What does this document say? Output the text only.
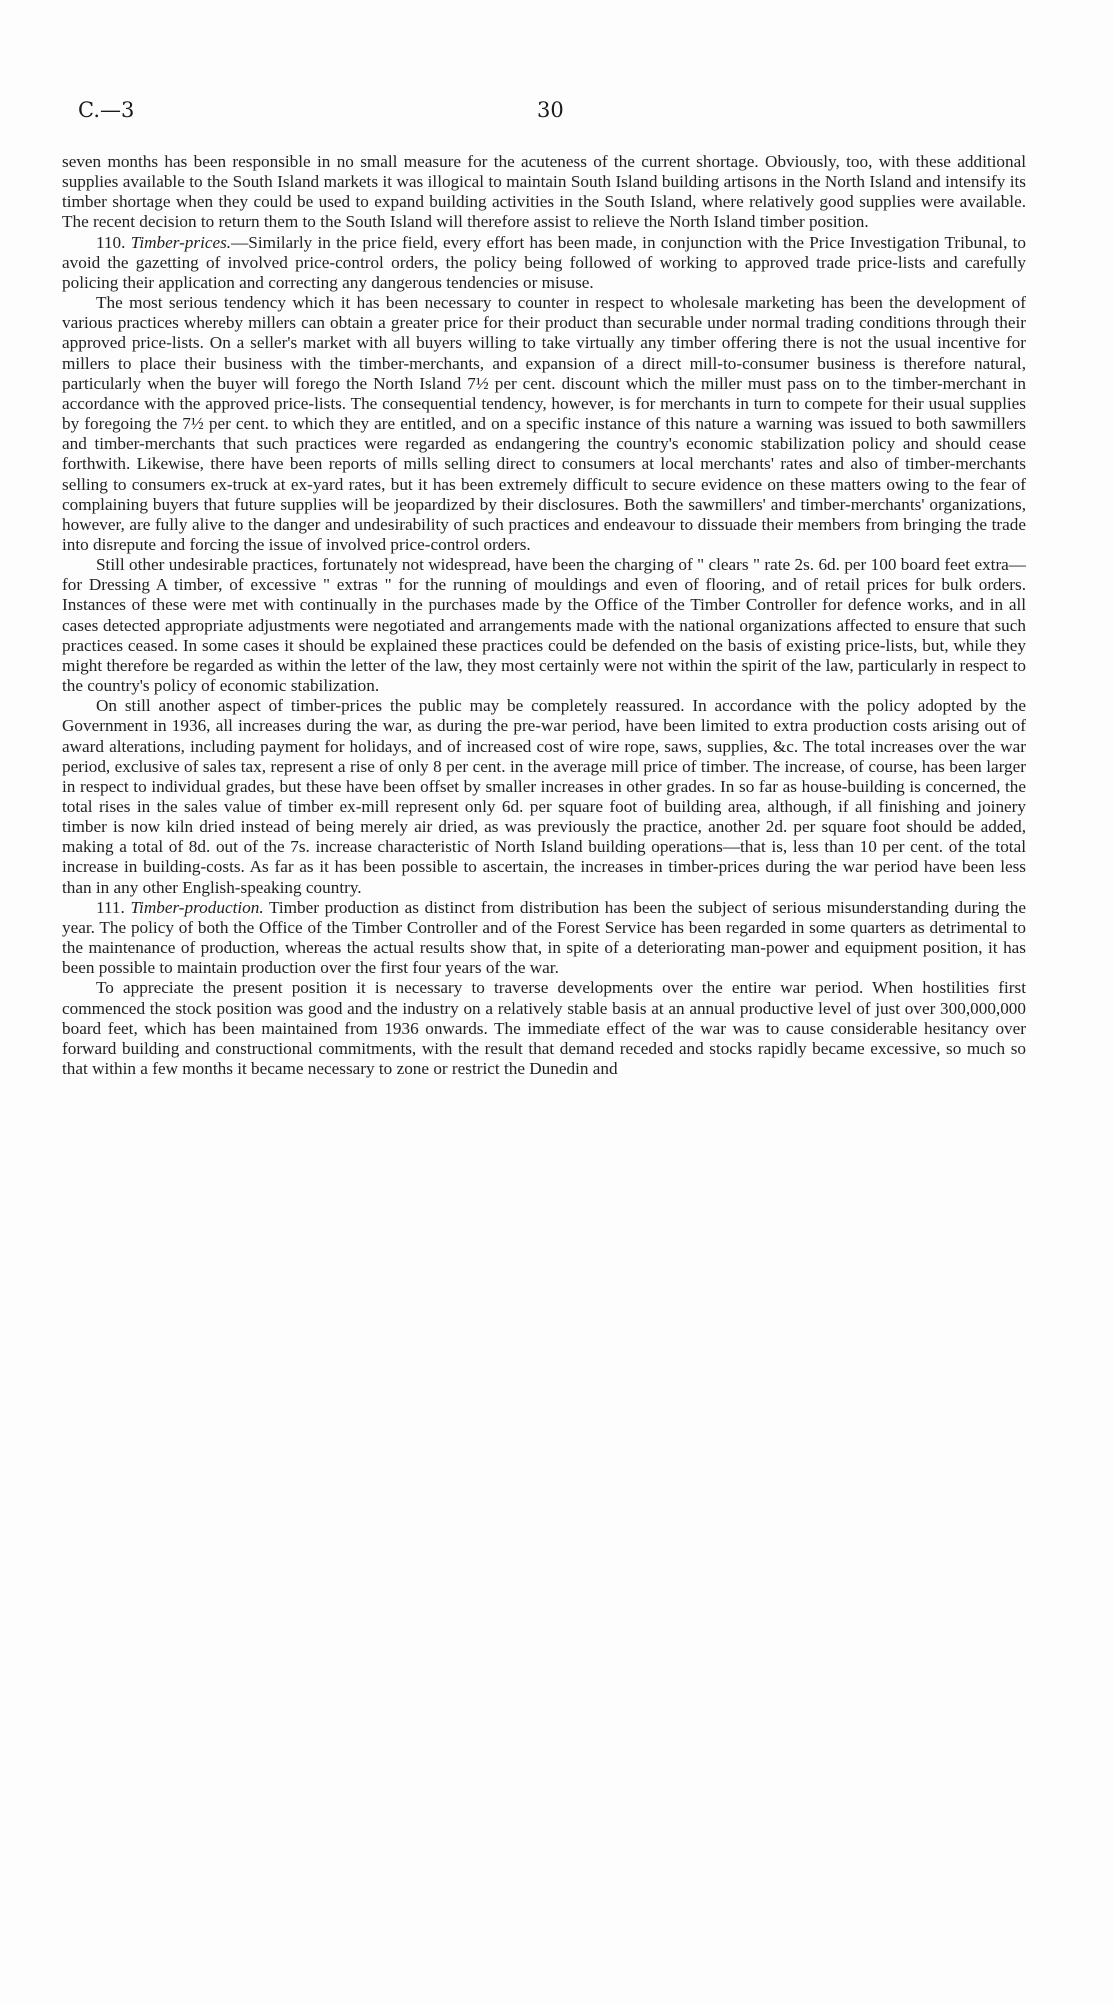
C.—3	30

seven months has been responsible in no small measure for the acuteness of the current shortage. Obviously, too, with these additional supplies available to the South Island markets it was illogical to maintain South Island building artisons in the North Island and intensify its timber shortage when they could be used to expand building activities in the South Island, where relatively good supplies were available. The recent decision to return them to the South Island will therefore assist to relieve the North Island timber position.

110. Timber-prices.—Similarly in the price field, every effort has been made, in conjunction with the Price Investigation Tribunal, to avoid the gazetting of involved price-control orders, the policy being followed of working to approved trade price-lists and carefully policing their application and correcting any dangerous tendencies or misuse.

The most serious tendency which it has been necessary to counter in respect to wholesale marketing has been the development of various practices whereby millers can obtain a greater price for their product than securable under normal trading conditions through their approved price-lists. On a seller's market with all buyers willing to take virtually any timber offering there is not the usual incentive for millers to place their business with the timber-merchants, and expansion of a direct mill-to-consumer business is therefore natural, particularly when the buyer will forego the North Island 7½ per cent. discount which the miller must pass on to the timber-merchant in accordance with the approved price-lists. The consequential tendency, however, is for merchants in turn to compete for their usual supplies by foregoing the 7½ per cent. to which they are entitled, and on a specific instance of this nature a warning was issued to both sawmillers and timber-merchants that such practices were regarded as endangering the country's economic stabilization policy and should cease forthwith. Likewise, there have been reports of mills selling direct to consumers at local merchants' rates and also of timber-merchants selling to consumers ex-truck at ex-yard rates, but it has been extremely difficult to secure evidence on these matters owing to the fear of complaining buyers that future supplies will be jeopardized by their disclosures. Both the sawmillers' and timber-merchants' organizations, however, are fully alive to the danger and undesirability of such practices and endeavour to dissuade their members from bringing the trade into disrepute and forcing the issue of involved price-control orders.

Still other undesirable practices, fortunately not widespread, have been the charging of " clears " rate 2s. 6d. per 100 board feet extra—for Dressing A timber, of excessive " extras " for the running of mouldings and even of flooring, and of retail prices for bulk orders. Instances of these were met with continually in the purchases made by the Office of the Timber Controller for defence works, and in all cases detected appropriate adjustments were negotiated and arrangements made with the national organizations affected to ensure that such practices ceased. In some cases it should be explained these practices could be defended on the basis of existing price-lists, but, while they might therefore be regarded as within the letter of the law, they most certainly were not within the spirit of the law, particularly in respect to the country's policy of economic stabilization.

On still another aspect of timber-prices the public may be completely reassured. In accordance with the policy adopted by the Government in 1936, all increases during the war, as during the pre-war period, have been limited to extra production costs arising out of award alterations, including payment for holidays, and of increased cost of wire rope, saws, supplies, &c. The total increases over the war period, exclusive of sales tax, represent a rise of only 8 per cent. in the average mill price of timber. The increase, of course, has been larger in respect to individual grades, but these have been offset by smaller increases in other grades. In so far as house-building is concerned, the total rises in the sales value of timber ex-mill represent only 6d. per square foot of building area, although, if all finishing and joinery timber is now kiln dried instead of being merely air dried, as was previously the practice, another 2d. per square foot should be added, making a total of 8d. out of the 7s. increase characteristic of North Island building operations—that is, less than 10 per cent. of the total increase in building-costs. As far as it has been possible to ascertain, the increases in timber-prices during the war period have been less than in any other English-speaking country.

111. Timber-production. Timber production as distinct from distribution has been the subject of serious misunderstanding during the year. The policy of both the Office of the Timber Controller and of the Forest Service has been regarded in some quarters as detrimental to the maintenance of production, whereas the actual results show that, in spite of a deteriorating man-power and equipment position, it has been possible to maintain production over the first four years of the war.

To appreciate the present position it is necessary to traverse developments over the entire war period. When hostilities first commenced the stock position was good and the industry on a relatively stable basis at an annual productive level of just over 300,000,000 board feet, which has been maintained from 1936 onwards. The immediate effect of the war was to cause considerable hesitancy over forward building and constructional commitments, with the result that demand receded and stocks rapidly became excessive, so much so that within a few months it became necessary to zone or restrict the Dunedin and
